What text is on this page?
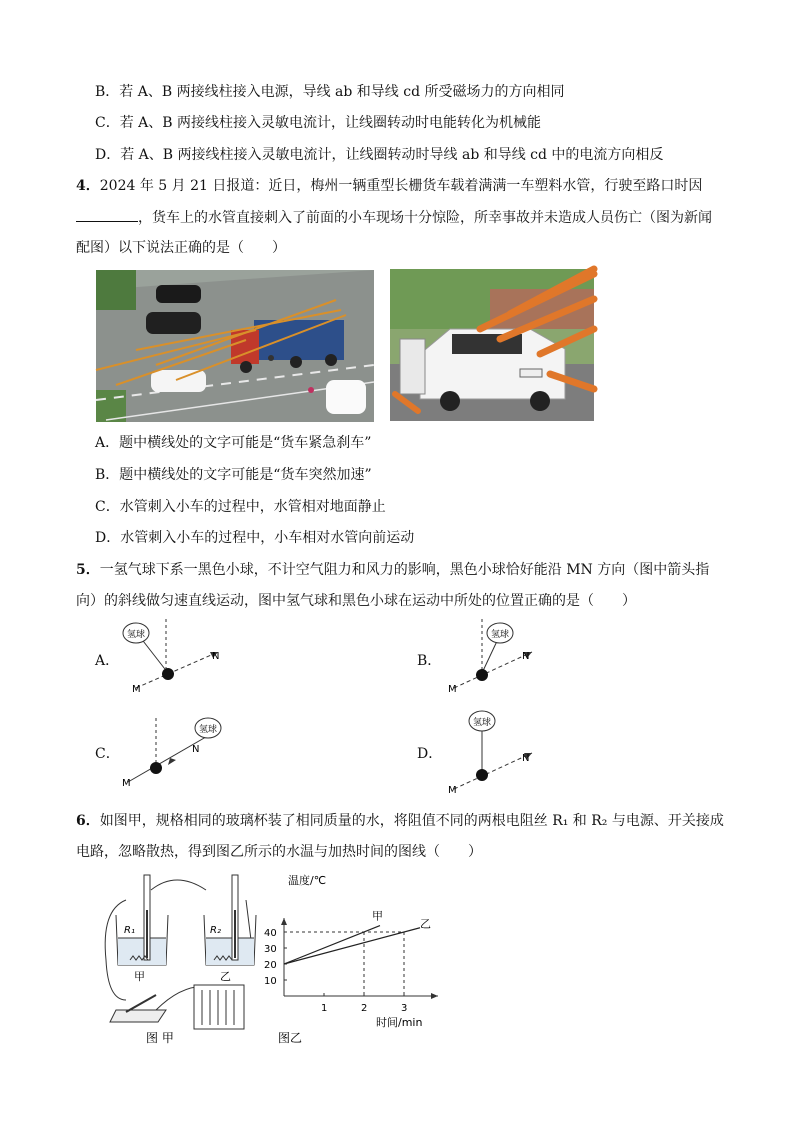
B．若 A、B 两接线柱接入电源，导线 ab 和导线 cd 所受磁场力的方向相同
C．若 A、B 两接线柱接入灵敏电流计，让线圈转动时电能转化为机械能
D．若 A、B 两接线柱接入灵敏电流计，让线圈转动时导线 ab 和导线 cd 中的电流方向相反
4．2024 年 5 月 21 日报道：近日，梅州一辆重型长栅货车载着满满一车塑料水管，行驶至路口时因
，货车上的水管直接刺入了前面的小车现场十分惊险，所幸事故并未造成人员伤亡（图为新闻
配图）以下说法正确的是（　　）
A．题中横线处的文字可能是“货车紧急刹车”
B．题中横线处的文字可能是“货车突然加速”
C．水管刺入小车的过程中，水管相对地面静止
D．水管刺入小车的过程中，小车相对水管向前运动
5．一氢气球下系一黑色小球，不计空气阻力和风力的影响，黑色小球恰好能沿 MN 方向（图中箭头指
向）的斜线做匀速直线运动，图中氢气球和黑色小球在运动中所处的位置正确的是（　　）
A．
氢球
M
N	B．
氢球
M
N
C．
氢球
M
N	D．
氢球
M
N
6．如图甲，规格相同的玻璃杯装了相同质量的水，将阻值不同的两根电阻丝 R₁ 和 R₂ 与电源、开关接成
电路，忽略散热，得到图乙所示的水温与加热时间的图线（　　）
R₁
甲
R₂
乙
图 甲
温度/℃
时间/min
图乙
10
20
30
40
1	2	3
甲
乙
